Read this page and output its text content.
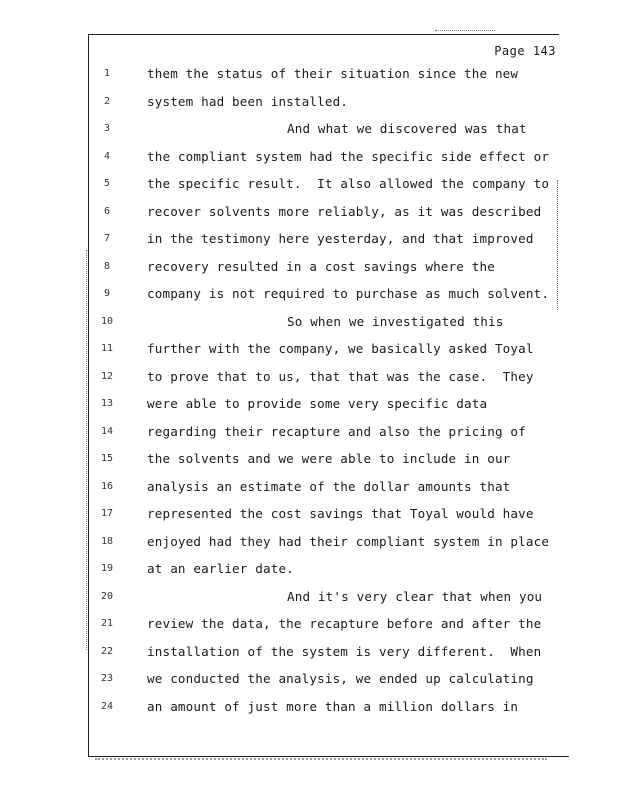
Page 143
1	them the status of their situation since the new
2	system had been installed.
3	And what we discovered was that
4	the compliant system had the specific side effect or
5	the specific result.  It also allowed the company to
6	recover solvents more reliably, as it was described
7	in the testimony here yesterday, and that improved
8	recovery resulted in a cost savings where the
9	company is not required to purchase as much solvent.
10	So when we investigated this
11	further with the company, we basically asked Toyal
12	to prove that to us, that that was the case.  They
13	were able to provide some very specific data
14	regarding their recapture and also the pricing of
15	the solvents and we were able to include in our
16	analysis an estimate of the dollar amounts that
17	represented the cost savings that Toyal would have
18	enjoyed had they had their compliant system in place
19	at an earlier date.
20	And it's very clear that when you
21	review the data, the recapture before and after the
22	installation of the system is very different.  When
23	we conducted the analysis, we ended up calculating
24	an amount of just more than a million dollars in
